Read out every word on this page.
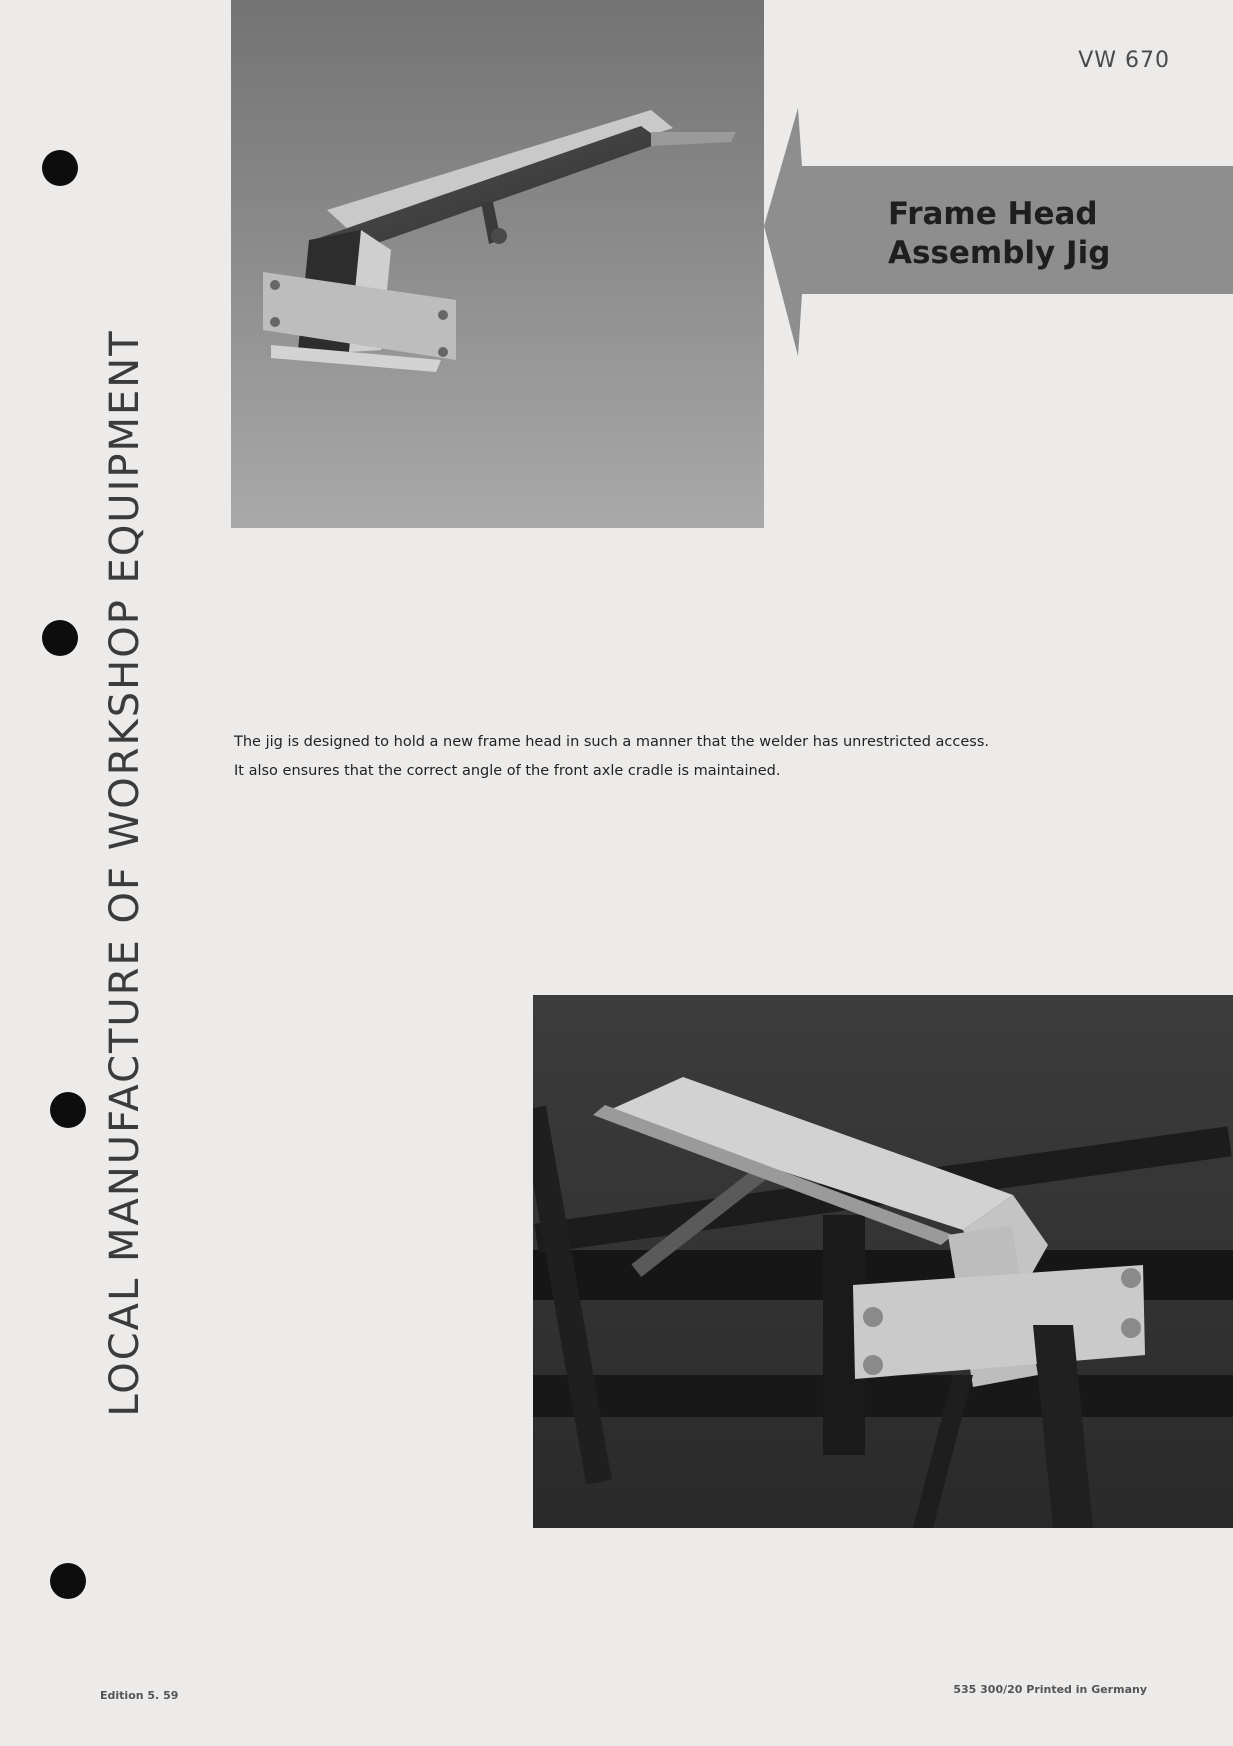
LOCAL MANUFACTURE OF WORKSHOP EQUIPMENT
VW 670
Frame Head
Assembly Jig

The jig is designed to hold a new frame head in such a manner that the welder has unrestricted access.

It also ensures that the correct angle of the front axle cradle is maintained.

Edition 5. 59	535 300/20 Printed in Germany
